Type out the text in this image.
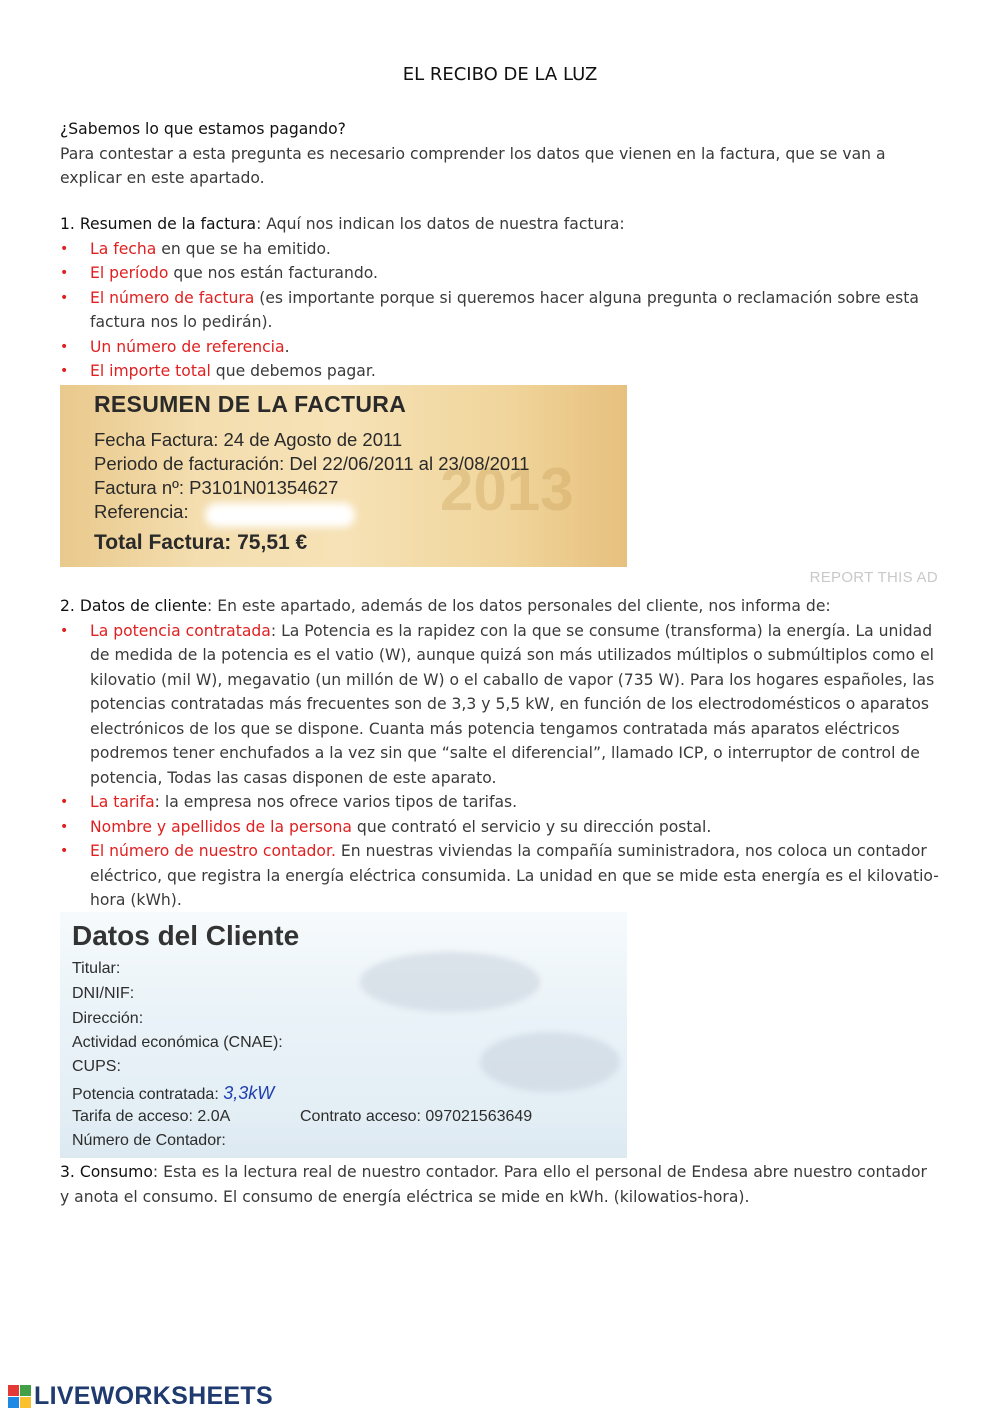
EL RECIBO DE LA LUZ
¿Sabemos lo que estamos pagando?
Para contestar a esta pregunta es necesario comprender los datos que vienen en la factura, que se van a explicar en este apartado.
1. Resumen de la factura: Aquí nos indican los datos de nuestra factura:
• La fecha en que se ha emitido.
• El período que nos están facturando.
• El número de factura (es importante porque si queremos hacer alguna pregunta o reclamación sobre esta factura nos lo pedirán).
• Un número de referencia.
• El importe total que debemos pagar.
2013
RESUMEN DE LA FACTURA
Fecha Factura: 24 de Agosto de 2011
Periodo de facturación: Del 22/06/2011 al 23/08/2011
Factura nº: P3101N01354627
Referencia:
Total Factura: 75,51 €
REPORT THIS AD
2. Datos de cliente: En este apartado, además de los datos personales del cliente, nos informa de:
• La potencia contratada: La Potencia es la rapidez con la que se consume (transforma) la energía. La unidad de medida de la potencia es el vatio (W), aunque quizá son más utilizados múltiplos o submúltiplos como el kilovatio (mil W), megavatio (un millón de W) o el caballo de vapor (735 W). Para los hogares españoles, las potencias contratadas más frecuentes son de 3,3 y 5,5 kW, en función de los electrodomésticos o aparatos electrónicos de los que se dispone. Cuanta más potencia tengamos contratada más aparatos eléctricos podremos tener enchufados a la vez sin que “salte el diferencial”, llamado ICP, o interruptor de control de potencia, Todas las casas disponen de este aparato.
• La tarifa: la empresa nos ofrece varios tipos de tarifas.
• Nombre y apellidos de la persona que contrató el servicio y su dirección postal.
• El número de nuestro contador. En nuestras viviendas la compañía suministradora, nos coloca un contador eléctrico, que registra la energía eléctrica consumida. La unidad en que se mide esta energía es el kilovatio-hora (kWh).
Datos del Cliente
Titular:
DNI/NIF:
Dirección:
Actividad económica (CNAE):
CUPS:
Potencia contratada: 3,3kW
Tarifa de acceso: 2.0A	Contrato acceso: 097021563649
Número de Contador:
3. Consumo: Esta es la lectura real de nuestro contador. Para ello el personal de Endesa abre nuestro contador y anota el consumo. El consumo de energía eléctrica se mide en kWh. (kilowatios-hora).
LIVEWORKSHEETS
